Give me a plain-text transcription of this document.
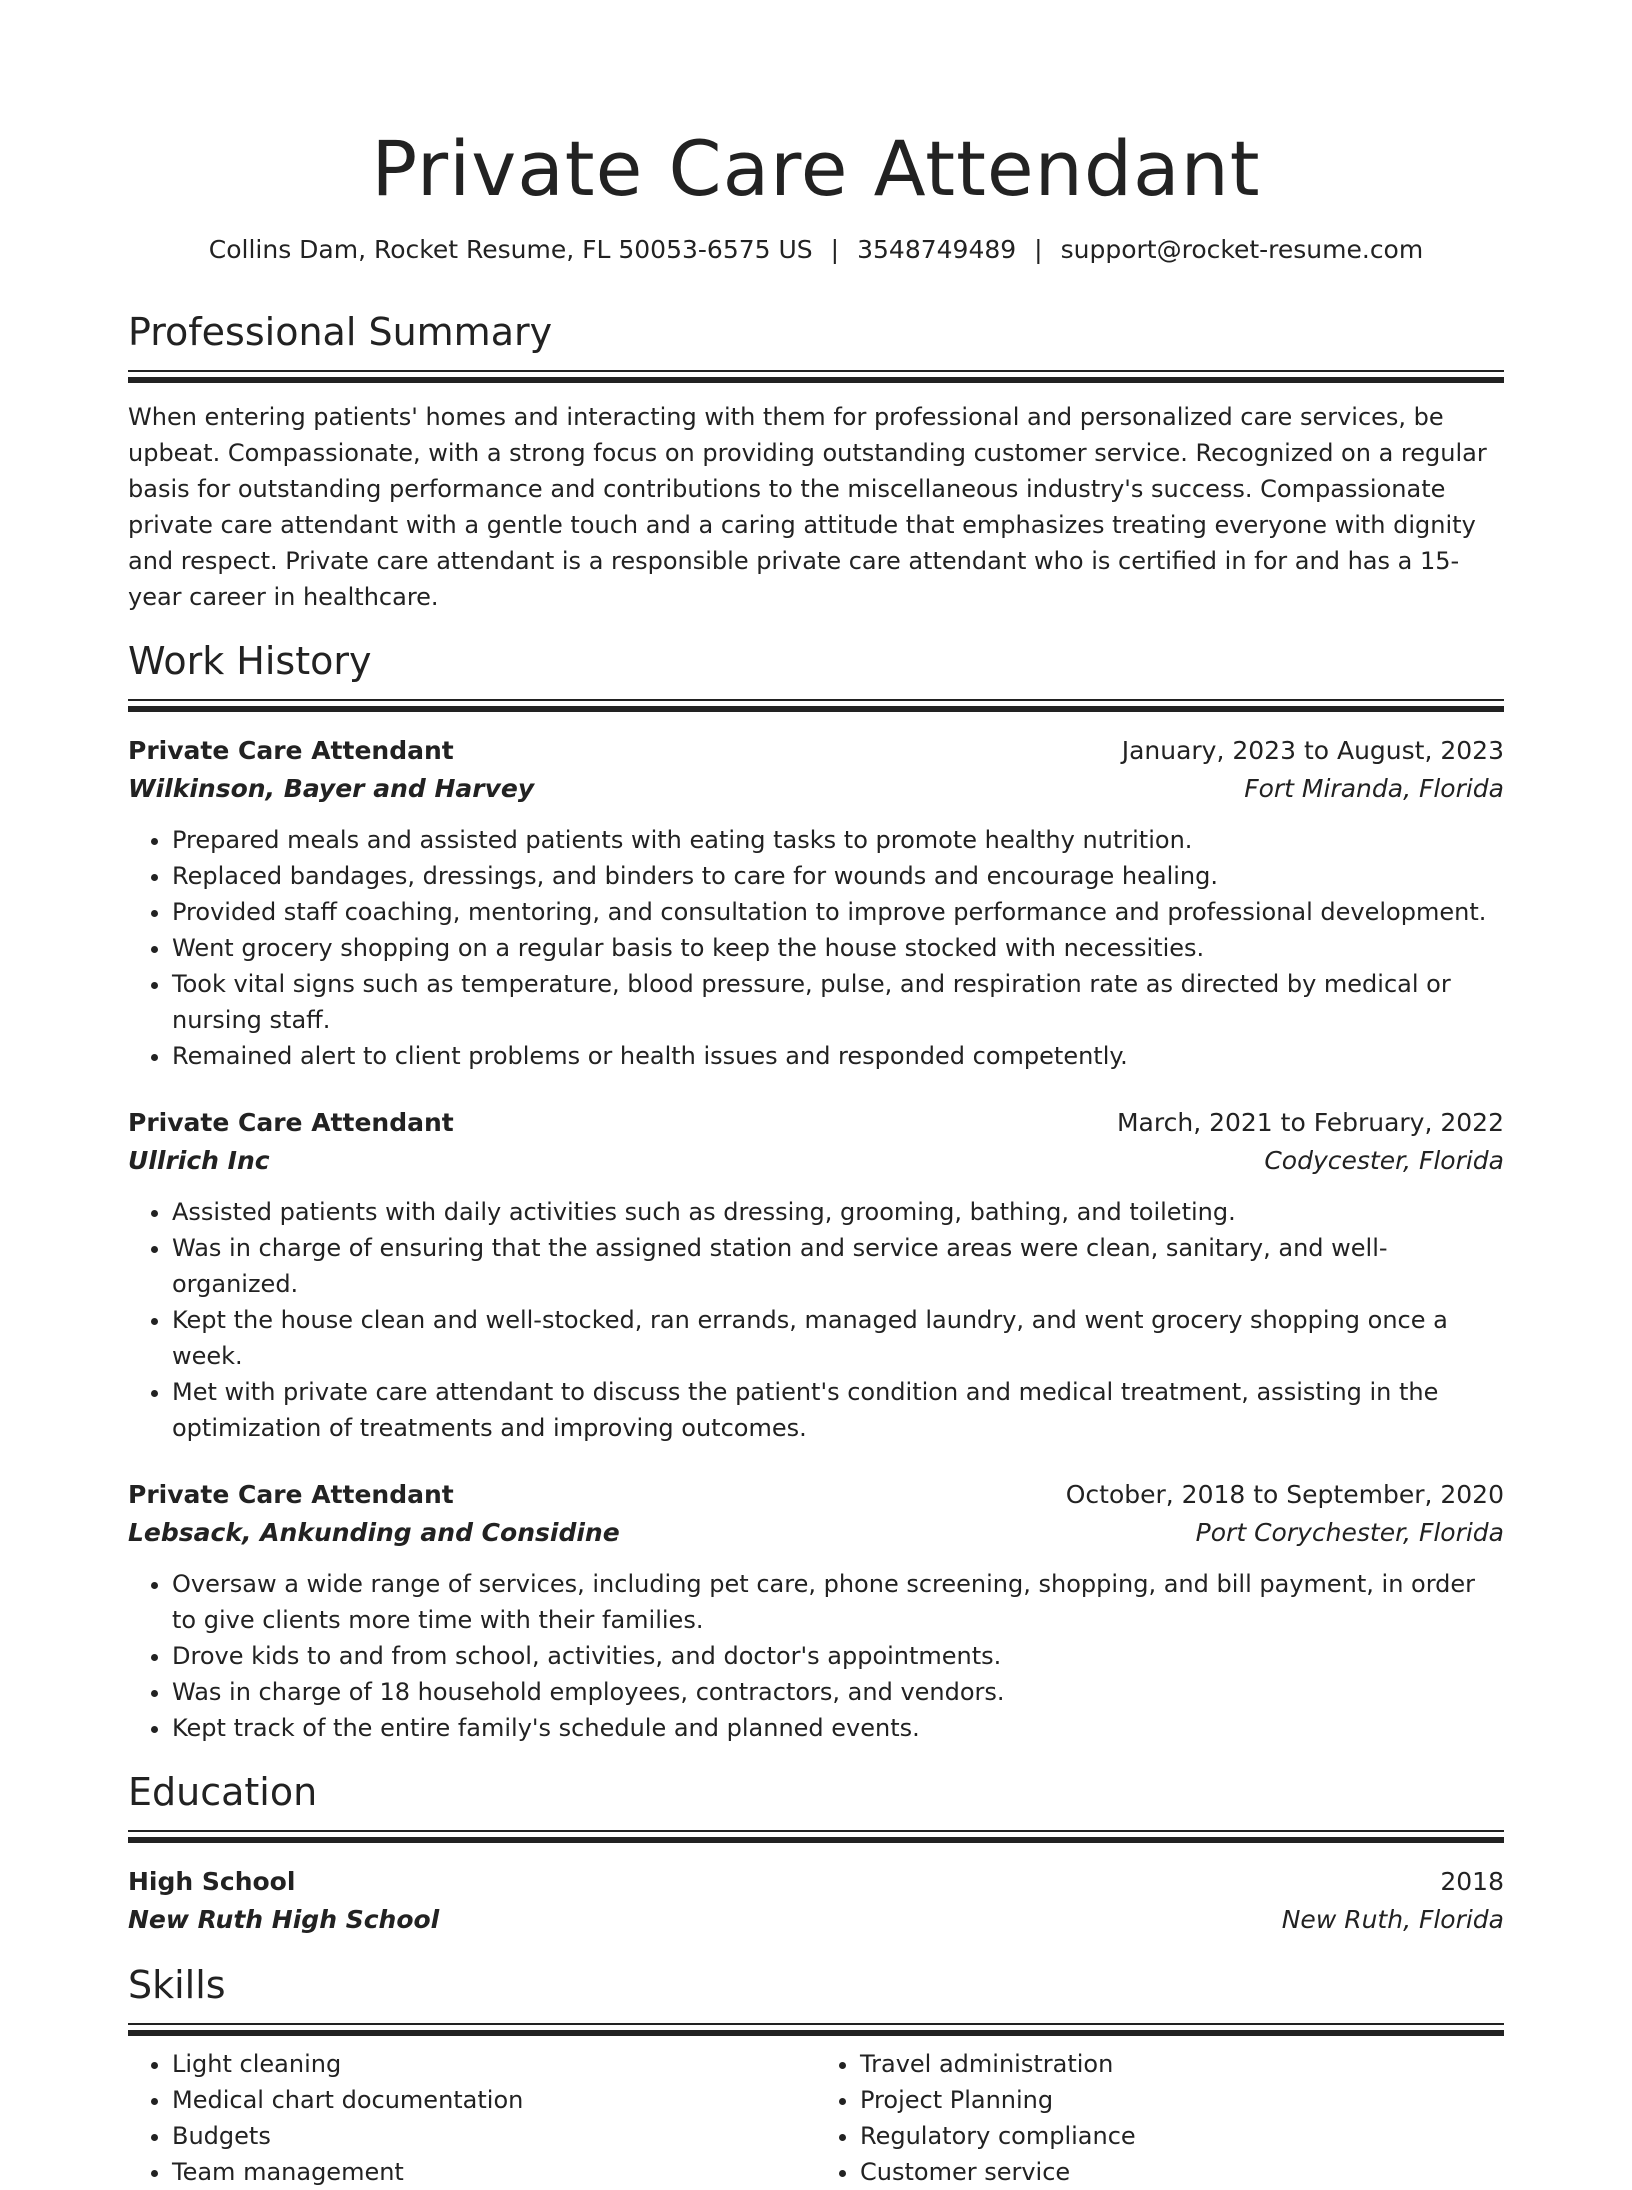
Private Care Attendant
Collins Dam, Rocket Resume, FL 50053-6575 US | 3548749489 | support@rocket-resume.com
Professional Summary

When entering patients' homes and interacting with them for professional and personalized care services, be upbeat. Compassionate, with a strong focus on providing outstanding customer service. Recognized on a regular basis for outstanding performance and contributions to the miscellaneous industry's success. Compassionate private care attendant with a gentle touch and a caring attitude that emphasizes treating everyone with dignity and respect. Private care attendant is a responsible private care attendant who is certified in for and has a 15-year career in healthcare.

Work History
Private Care Attendant	January, 2023 to August, 2023
Wilkinson, Bayer and Harvey	Fort Miranda, Florida
• Prepared meals and assisted patients with eating tasks to promote healthy nutrition.
• Replaced bandages, dressings, and binders to care for wounds and encourage healing.
• Provided staff coaching, mentoring, and consultation to improve performance and professional development.
• Went grocery shopping on a regular basis to keep the house stocked with necessities.
• Took vital signs such as temperature, blood pressure, pulse, and respiration rate as directed by medical or nursing staff.
• Remained alert to client problems or health issues and responded competently.
Private Care Attendant	March, 2021 to February, 2022
Ullrich Inc	Codycester, Florida
• Assisted patients with daily activities such as dressing, grooming, bathing, and toileting.
• Was in charge of ensuring that the assigned station and service areas were clean, sanitary, and well-organized.
• Kept the house clean and well-stocked, ran errands, managed laundry, and went grocery shopping once a week.
• Met with private care attendant to discuss the patient's condition and medical treatment, assisting in the optimization of treatments and improving outcomes.
Private Care Attendant	October, 2018 to September, 2020
Lebsack, Ankunding and Considine	Port Corychester, Florida
• Oversaw a wide range of services, including pet care, phone screening, shopping, and bill payment, in order to give clients more time with their families.
• Drove kids to and from school, activities, and doctor's appointments.
• Was in charge of 18 household employees, contractors, and vendors.
• Kept track of the entire family's schedule and planned events.
Education
High School	2018
New Ruth High School	New Ruth, Florida
Skills
• Light cleaning
• Medical chart documentation
• Budgets
• Team management
• Travel administration
• Project Planning
• Regulatory compliance
• Customer service
